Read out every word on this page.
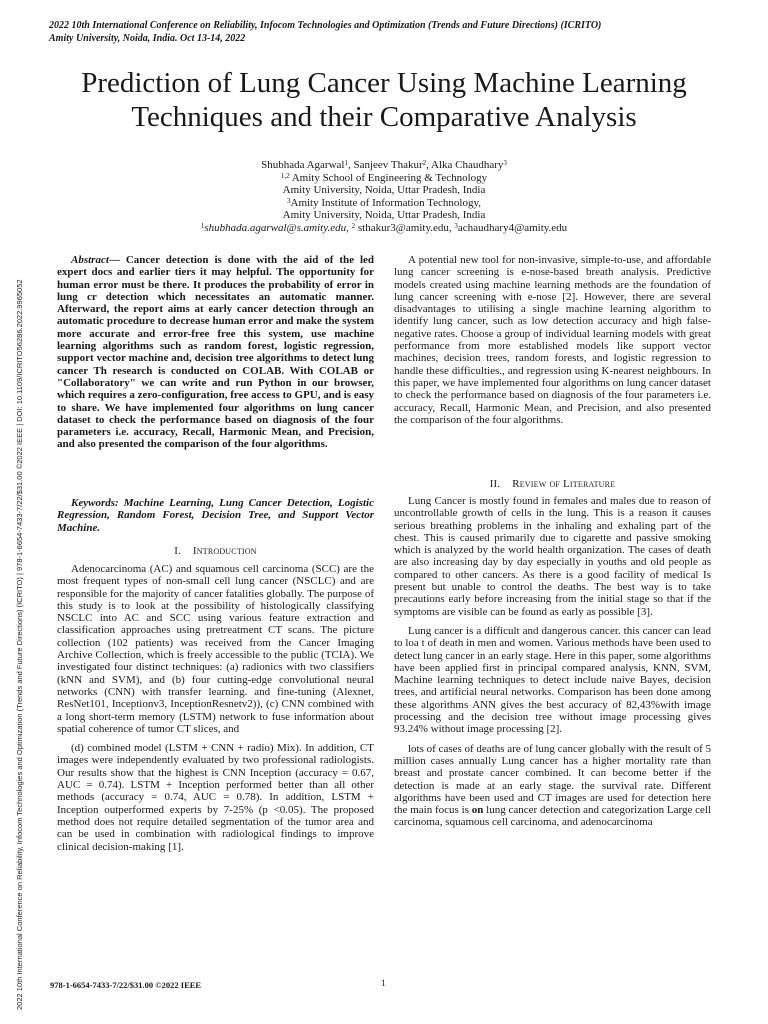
2022 10th International Conference on Reliability, Infocom Technologies and Optimization (Trends and Future Directions) (ICRITO) | 978-1-6654-7433-7/22/$31.00 ©2022 IEEE | DOI: 10.1109/ICRITO56286.2022.9965052
2022 10th International Conference on Reliability, Infocom Technologies and Optimization (Trends and Future Directions) (ICRITO)
Amity University, Noida, India. Oct 13-14, 2022
Prediction of Lung Cancer Using Machine Learning Techniques and their Comparative Analysis
Shubhada Agarwal$^1$, Sanjeev Thakur$^2$, Alka Chaudhary$^3$
$^{1,2}$ Amity School of Engineering & Technology
Amity University, Noida, Uttar Pradesh, India
$^3$Amity Institute of Information Technology,
Amity University, Noida, Uttar Pradesh, India
$^1$shubhada.agarwal@s.amity.edu, $^2$ sthakur3@amity.edu, $^3$achaudhary4@amity.edu

Abstract— Cancer detection is done with the aid of the led expert docs and earlier tiers it may helpful. The opportunity for human error must be there. It produces the probability of error in lung cr detection which necessitates an automatic manner. Afterward, the report aims at early cancer detection through an automatic procedure to decrease human error and make the system more accurate and error-free free this system, use machine learning algorithms such as random forest, logistic regression, support vector machine and, decision tree algorithms to detect lung cancer Th research is conducted on COLAB. With COLAB or "Collaboratory" we can write and run Python in our browser, which requires a zero-configuration, free access to GPU, and is easy to share. We have implemented four algorithms on lung cancer dataset to check the performance based on diagnosis of the four parameters i.e. accuracy, Recall, Harmonic Mean, and Precision, and also presented the comparison of the four algorithms.

Keywords: Machine Learning, Lung Cancer Detection, Logistic Regression, Random Forest, Decision Tree, and Support Vector Machine.

I. Introduction

Adenocarcinoma (AC) and squamous cell carcinoma (SCC) are the most frequent types of non-small cell lung cancer (NSCLC) and are responsible for the majority of cancer fatalities globally. The purpose of this study is to look at the possibility of histologically classifying NSCLC into AC and SCC using various feature extraction and classification approaches using pretreatment CT scans. The picture collection (102 patients) was received from the Cancer Imaging Archive Collection, which is freely accessible to the public (TCIA). We investigated four distinct techniques: (a) radionics with two classifiers (kNN and SVM), and (b) four cutting-edge convolutional neural networks (CNN) with transfer learning. and fine-tuning (Alexnet, ResNet101, Inceptionv3, InceptionResnetv2)), (c) CNN combined with a long short-term memory (LSTM) network to fuse information about spatial coherence of tumor CT slices, and

(d) combined model (LSTM + CNN + radio) Mix). In addition, CT images were independently evaluated by two professional radiologists. Our results show that the highest is CNN Inception (accuracy = 0.67, AUC = 0.74). LSTM + Inception performed better than all other methods (accuracy = 0.74, AUC = 0.78). In addition, LSTM + Inception outperformed experts by 7-25% (p <0.05). The proposed method does not require detailed segmentation of the tumor area and can be used in combination with radiological findings to improve clinical decision-making [1].

A potential new tool for non-invasive, simple-to-use, and affordable lung cancer screening is e-nose-based breath analysis. Predictive models created using machine learning methods are the foundation of lung cancer screening with e-nose [2]. However, there are several disadvantages to utilising a single machine learning algorithm to identify lung cancer, such as low detection accuracy and high false-negative rates. Choose a group of individual learning models with great performance from more established models like support vector machines, decision trees, random forests, and logistic regression to handle these difficulties., and regression using K-nearest neighbours. In this paper, we have implemented four algorithms on lung cancer dataset to check the performance based on diagnosis of the four parameters i.e. accuracy, Recall, Harmonic Mean, and Precision, and also presented the comparison of the four algorithms.

II. Review of Literature

Lung Cancer is mostly found in females and males due to reason of uncontrollable growth of cells in the lung. This is a reason it causes serious breathing problems in the inhaling and exhaling part of the chest. This is caused primarily due to cigarette and passive smoking which is analyzed by the world health organization. The cases of death are also increasing day by day especially in youths and old people as compared to other cancers. As there is a good facility of medical Is present but unable to control the deaths. The best way is to take precautions early before increasing from the initial stage so that if the symptoms are visible can be found as early as possible [3].

Lung cancer is a difficult and dangerous cancer. this cancer can lead to loa t of death in men and women. Various methods have been used to detect lung cancer in an early stage. Here in this paper, some algorithms have been applied first in principal compared analysis, KNN, SVM, Machine learning techniques to detect include naive Bayes, decision trees, and artificial neural networks. Comparison has been done among these algorithms ANN gives the best accuracy of 82,43%with image processing and the decision tree without image processing gives 93.24% without image processing [2].

lots of cases of deaths are of lung cancer globally with the result of 5 million cases annually Lung cancer has a higher mortality rate than breast and prostate cancer combined. It can become better if the detection is made at an early stage. the survival rate. Different algorithms have been used and CT images are used for detection here the main focus is on lung cancer detection and categorization Large cell carcinoma, squamous cell carcinoma, and adenocarcinoma

978-1-6654-7433-7/22/$31.00 ©2022 IEEE	1
